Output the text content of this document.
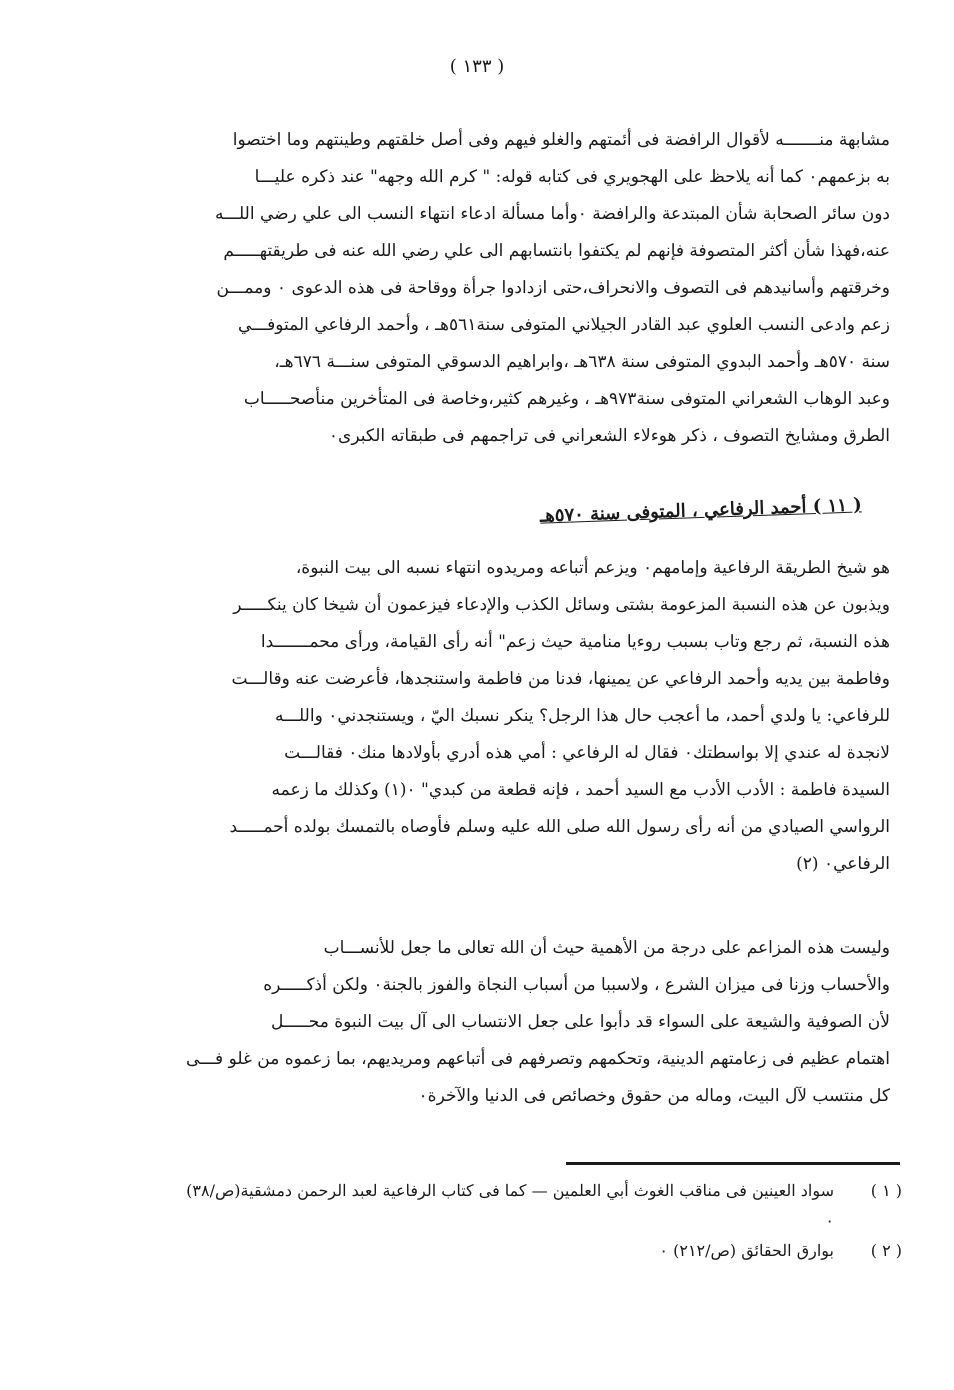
( ١٣٣ )
مشابهة منـــــــه لأقوال الرافضة فى أئمتهم والغلو فيهم وفى أصل خلقتهم وطينتهم وما اختصوا
به بزعمهم٠ كما أنه يلاحظ على الهجويري فى كتابه قوله: " كرم الله وجهه" عند ذكره عليـــا
دون سائر الصحابة شأن المبتدعة والرافضة ٠وأما مسألة ادعاء انتهاء النسب الى علي رضي اللـــه
عنه،فهذا شأن أكثر المتصوفة فإنهم لم يكتفوا بانتسابهم الى علي رضي الله عنه فى طريقتهـــــم
وخرقتهم وأسانيدهم فى التصوف والانحراف،حتى ازدادوا جرأة ووقاحة فى هذه الدعوى ٠ وممـــن
زعم وادعى النسب العلوي عبد القادر الجيلاني المتوفى سنة٥٦١هـ ، وأحمد الرفاعي المتوفـــي
سنة ٥٧٠هـ وأحمد البدوي المتوفى سنة ٦٣٨هـ ،وابراهيم الدسوقي المتوفى سنـــة ٦٧٦هـ،
وعبد الوهاب الشعراني المتوفى سنة٩٧٣هـ ، وغيرهم كثير،وخاصة فى المتأخرين منأصحـــــاب
الطرق ومشايخ التصوف ، ذكر هوءلاء الشعراني فى تراجمهم فى طبقاته الكبرى٠
( ١١ ) أحمد الرفاعي ، المتوفى سنة ٥٧٠هـ
هو شيخ الطريقة الرفاعية وإمامهم٠ ويزعم أتباعه ومريدوه انتهاء نسبه الى بيت النبوة،
ويذبون عن هذه النسبة المزعومة بشتى وسائل الكذب والإدعاء فيزعمون أن شيخا كان ينكـــــر
هذه النسبة، ثم رجع وتاب بسبب روءيا منامية حيث زعم" أنه رأى القيامة، ورأى محمـــــــدا
وفاطمة بين يديه وأحمد الرفاعي عن يمينها، فدنا من فاطمة واستنجدها، فأعرضت عنه وقالـــت
للرفاعي: يا ولدي أحمد، ما أعجب حال هذا الرجل؟ ينكر نسبك اليّ ، ويستنجدني٠ واللـــه
لانجدة له عندي إلا بواسطتك٠ فقال له الرفاعي : أمي هذه أدري بأولادها منك٠ فقالـــت
السيدة فاطمة : الأدب الأدب مع السيد أحمد ، فإنه قطعة من كبدي" ٠(١) وكذلك ما زعمه
الرواسي الصيادي من أنه رأى رسول الله صلى الله عليه وسلم فأوصاه بالتمسك بولده أحمـــــد
الرفاعي٠ (٢)
وليست هذه المزاعم على درجة من الأهمية حيث أن الله تعالى ما جعل للأنســـاب
والأحساب وزنا فى ميزان الشرع ، ولاسببا من أسباب النجاة والفوز بالجنة٠ ولكن أذكـــــره
لأن الصوفية والشيعة على السواء قد دأبوا على جعل الانتساب الى آل بيت النبوة محـــــل
اهتمام عظيم فى زعامتهم الدينية، وتحكمهم وتصرفهم فى أتباعهم ومريديهم، بما زعموه من غلو فـــى
كل منتسب لآل البيت، وماله من حقوق وخصائص فى الدنيا والآخرة٠
( ١ )
سواد العينين فى مناقب الغوث أبي العلمين — كما فى كتاب الرفاعية لعبد الرحمن دمشقية(ص/٣٨) ٠
( ٢ )
بوارق الحقائق (ص/٢١٢) ٠
